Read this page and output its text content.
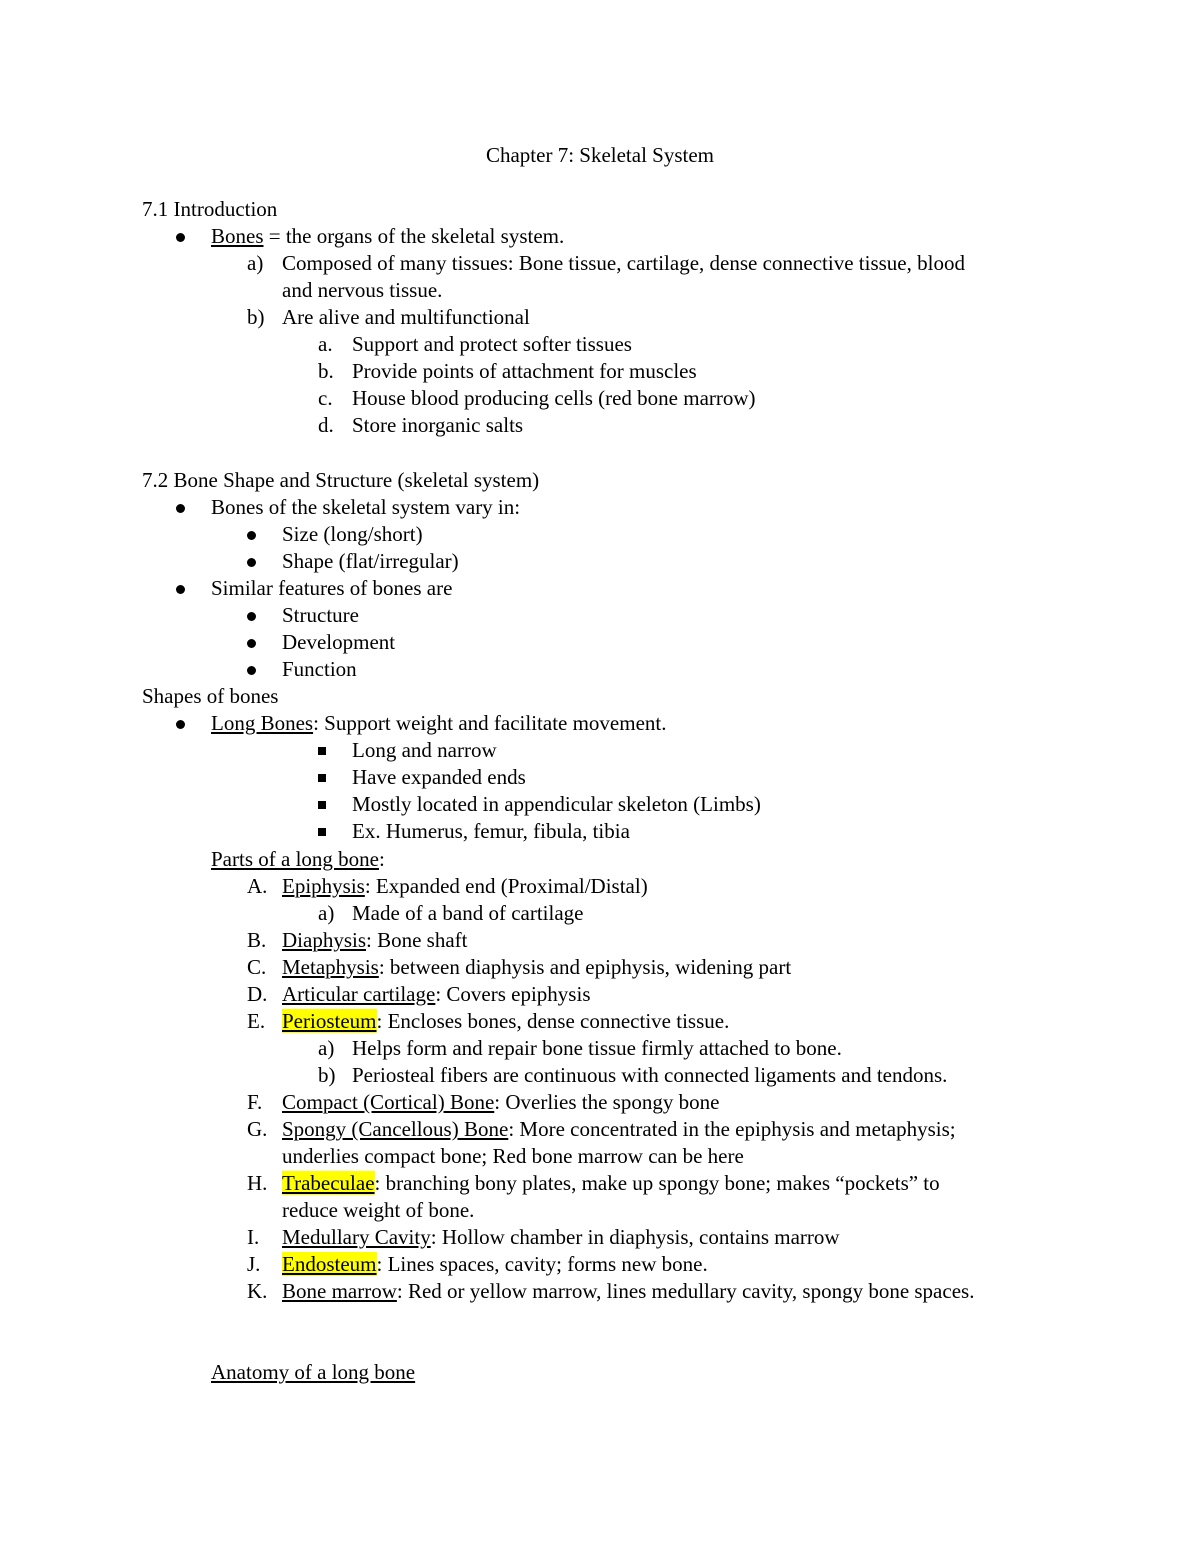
Chapter 7: Skeletal System
7.1 Introduction
Bones = the organs of the skeletal system.
a) Composed of many tissues: Bone tissue, cartilage, dense connective tissue, blood
and nervous tissue.
b) Are alive and multifunctional
a. Support and protect softer tissues
b. Provide points of attachment for muscles
c. House blood producing cells (red bone marrow)
d. Store inorganic salts
7.2 Bone Shape and Structure (skeletal system)
Bones of the skeletal system vary in:
Size (long/short)
Shape (flat/irregular)
Similar features of bones are
Structure
Development
Function
Shapes of bones
Long Bones: Support weight and facilitate movement.
Long and narrow
Have expanded ends
Mostly located in appendicular skeleton (Limbs)
Ex. Humerus, femur, fibula, tibia
Parts of a long bone:
A. Epiphysis: Expanded end (Proximal/Distal)
a) Made of a band of cartilage
B. Diaphysis: Bone shaft
C. Metaphysis: between diaphysis and epiphysis, widening part
D. Articular cartilage: Covers epiphysis
E. Periosteum: Encloses bones, dense connective tissue.
a) Helps form and repair bone tissue firmly attached to bone.
b) Periosteal fibers are continuous with connected ligaments and tendons.
F. Compact (Cortical) Bone: Overlies the spongy bone
G. Spongy (Cancellous) Bone: More concentrated in the epiphysis and metaphysis;
underlies compact bone; Red bone marrow can be here
H. Trabeculae: branching bony plates, make up spongy bone; makes “pockets” to
reduce weight of bone.
I. Medullary Cavity: Hollow chamber in diaphysis, contains marrow
J. Endosteum: Lines spaces, cavity; forms new bone.
K. Bone marrow: Red or yellow marrow, lines medullary cavity, spongy bone spaces.
Anatomy of a long bone
